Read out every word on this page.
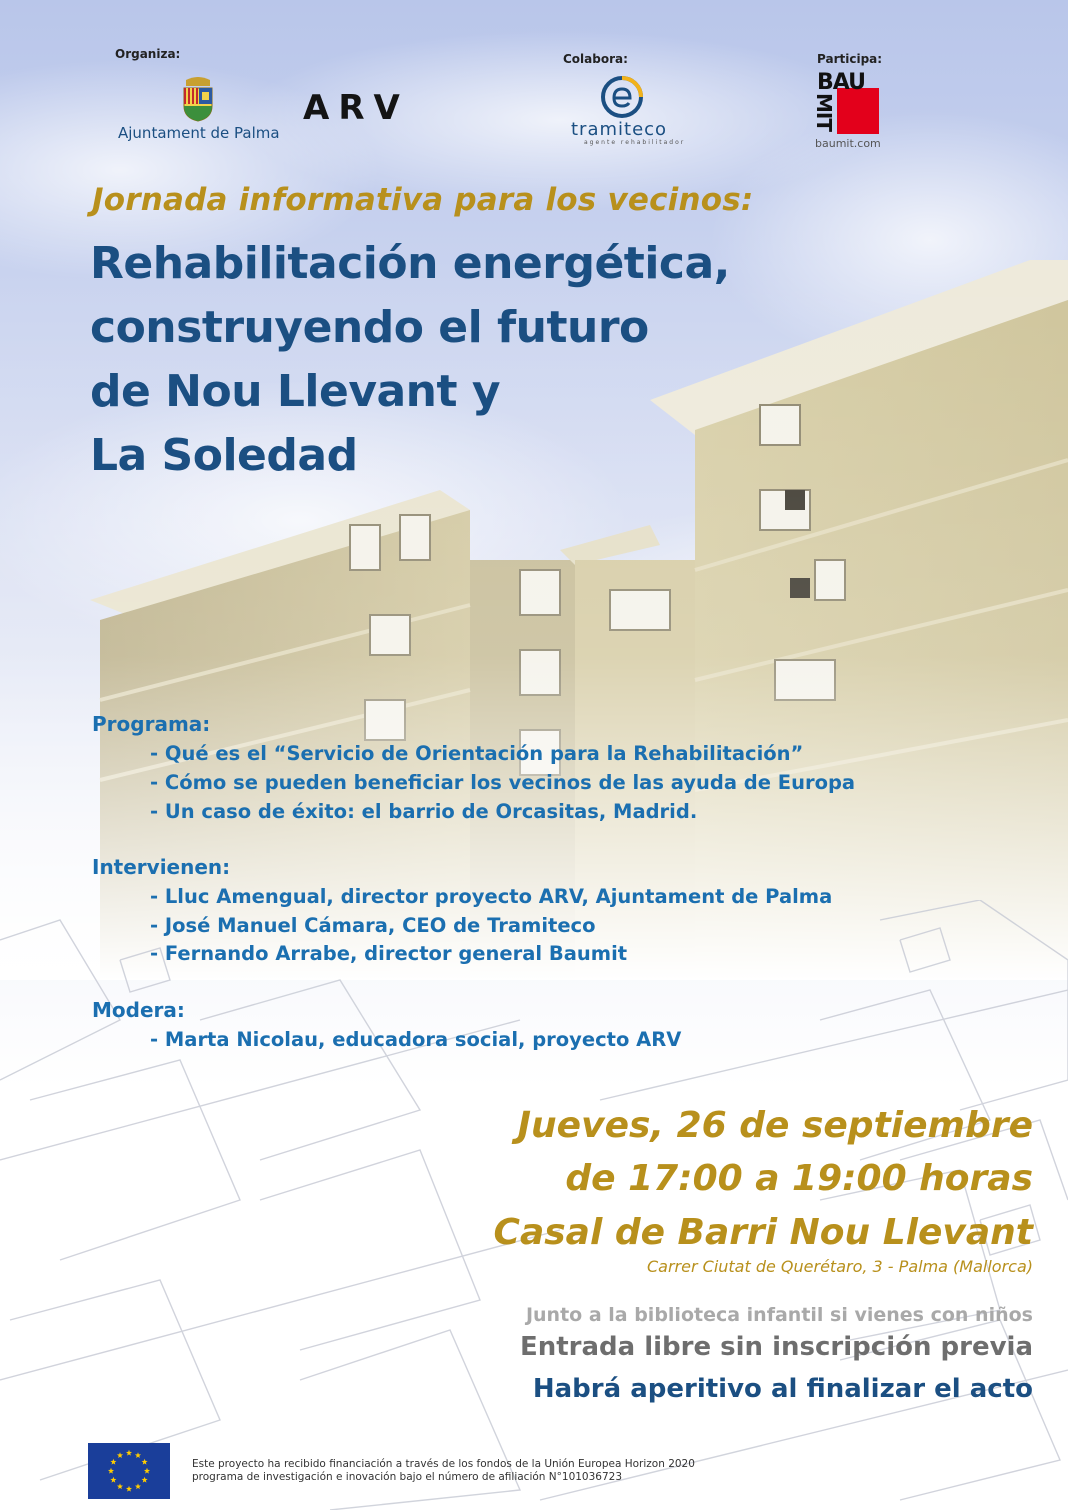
Organiza:	Colabora:	Participa:
Ajuntament de Palma
ARV
tramiteco
agente rehabilitador
BAU
MIT
baumit.com
Jornada informativa para los vecinos:
Rehabilitación energética,
construyendo el futuro
de Nou Llevant y
La Soledad
Programa:
- Qué es el “Servicio de Orientación para la Rehabilitación”
- Cómo se pueden beneficiar los vecinos de las ayuda de Europa
- Un caso de éxito: el barrio de Orcasitas, Madrid.
Intervienen:
- Lluc Amengual, director proyecto ARV, Ajuntament de Palma
- José Manuel Cámara, CEO de Tramiteco
- Fernando Arrabe, director general Baumit
Modera:
- Marta Nicolau, educadora social, proyecto ARV
Jueves, 26 de septiembre
de 17:00 a 19:00 horas
Casal de Barri Nou Llevant
Carrer Ciutat de Querétaro, 3 - Palma (Mallorca)
Junto a la biblioteca infantil si vienes con niños
Entrada libre sin inscripción previa
Habrá aperitivo al finalizar el acto
Este proyecto ha recibido financiación a través de los fondos de la Unión Europea Horizon 2020
programa de investigación e inovación bajo el número de afiliación N°101036723
